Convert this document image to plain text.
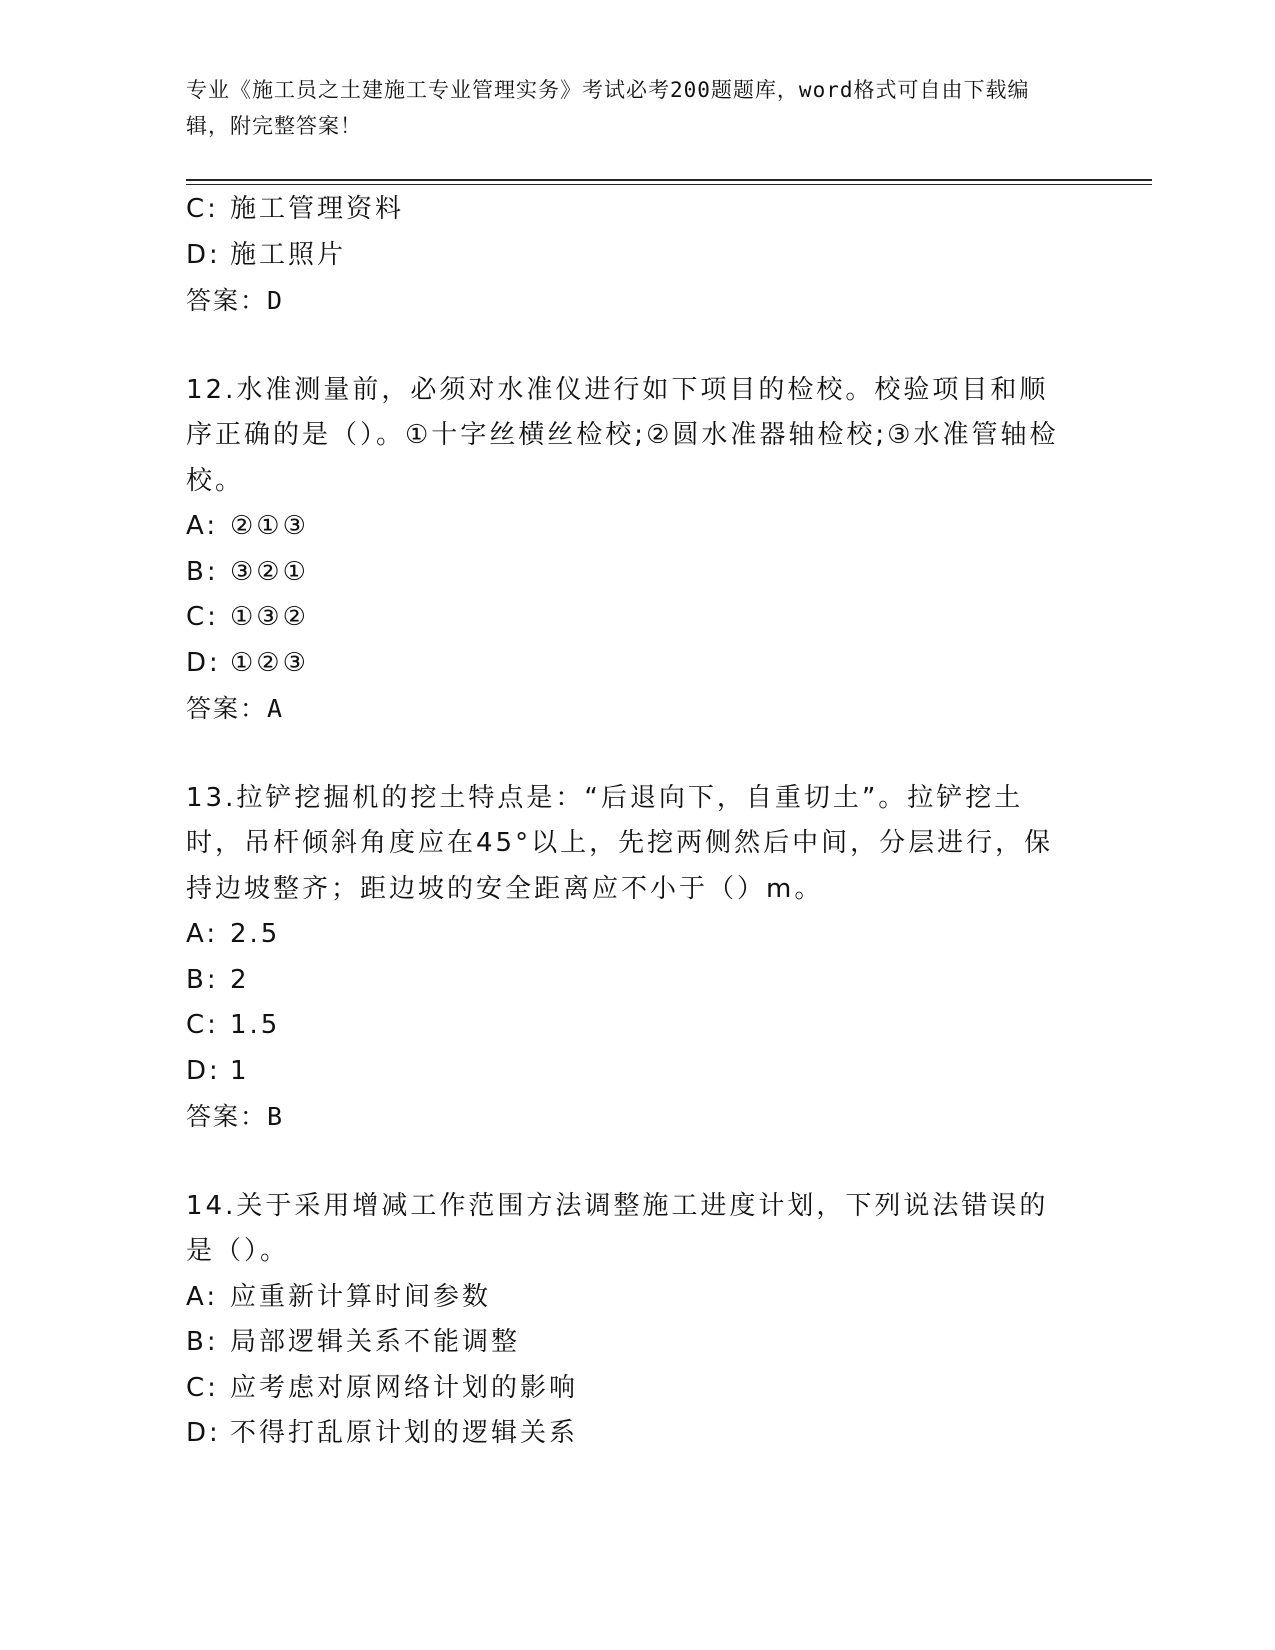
专业《施工员之土建施工专业管理实务》考试必考200题题库，word格式可自由下载编辑，附完整答案！
C: 施工管理资料
D: 施工照片
答案：D
12.水准测量前，必须对水准仪进行如下项目的检校。校验项目和顺序正确的是（）。①十字丝横丝检校;②圆水准器轴检校;③水准管轴检校。
A: ②①③
B: ③②①
C: ①③②
D: ①②③
答案：A
13.拉铲挖掘机的挖土特点是：“后退向下，自重切土”。拉铲挖土时，吊杆倾斜角度应在45°以上，先挖两侧然后中间，分层进行，保持边坡整齐；距边坡的安全距离应不小于（）m。
A: 2.5
B: 2
C: 1.5
D: 1
答案：B
14.关于采用增减工作范围方法调整施工进度计划，下列说法错误的是（）。
A: 应重新计算时间参数
B: 局部逻辑关系不能调整
C: 应考虑对原网络计划的影响
D: 不得打乱原计划的逻辑关系
